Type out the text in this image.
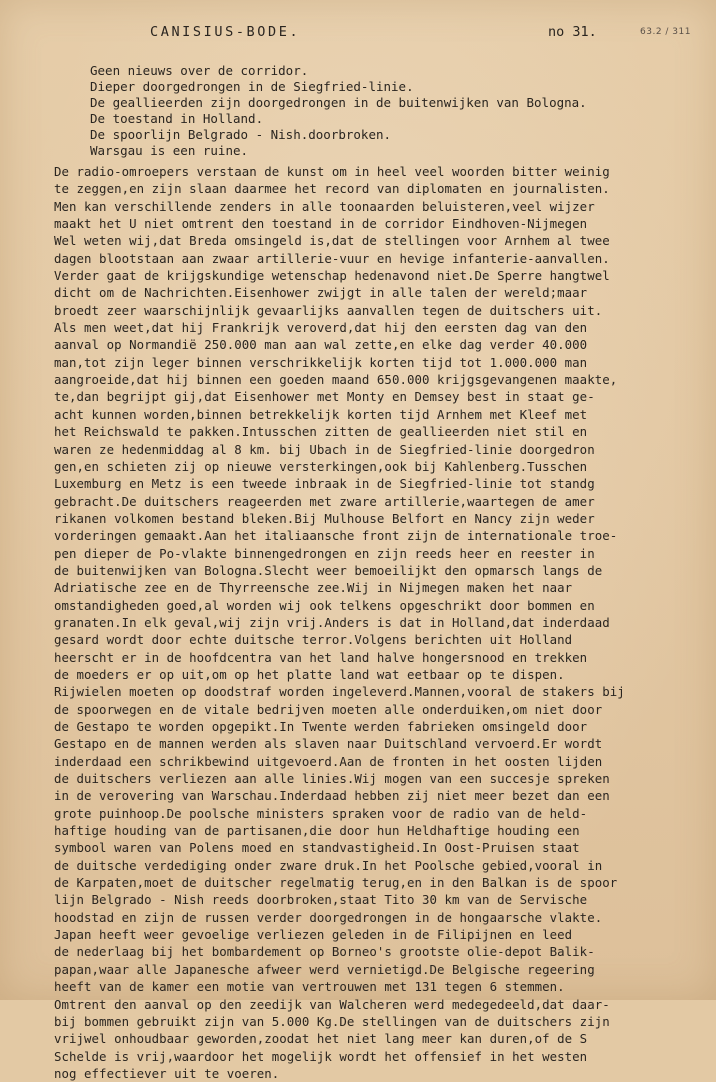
CANISIUS-BODE.	no 31.	63.2 / 311
Geen nieuws over de corridor.
Dieper doorgedrongen in de Siegfried-linie.
De geallieerden zijn doorgedrongen in de buitenwijken van Bologna.
De toestand in Holland.
De spoorlijn Belgrado - Nish.doorbroken.
Warsgau is een ruine.
De radio-omroepers verstaan de kunst om in heel veel woorden bitter weinig
te zeggen,en zijn slaan daarmee het record van diplomaten en journalisten.
Men kan verschillende zenders in alle toonaarden beluisteren,veel wijzer
maakt het U niet omtrent den toestand in de corridor Eindhoven-Nijmegen
Wel weten wij,dat Breda omsingeld is,dat de stellingen voor Arnhem al twee
dagen blootstaan aan zwaar artillerie-vuur en hevige infanterie-aanvallen.
Verder gaat de krijgskundige wetenschap hedenavond niet.De Sperre hangtwel
dicht om de Nachrichten.Eisenhower zwijgt in alle talen der wereld;maar
broedt zeer waarschijnlijk gevaarlijks aanvallen tegen de duitschers uit.
Als men weet,dat hij Frankrijk veroverd,dat hij den eersten dag van den
aanval op Normandië 250.000 man aan wal zette,en elke dag verder 40.000
man,tot zijn leger binnen verschrikkelijk korten tijd tot 1.000.000 man
aangroeide,dat hij binnen een goeden maand 650.000 krijgsgevangenen maakte,
te,dan begrijpt gij,dat Eisenhower met Monty en Demsey best in staat ge-
acht kunnen worden,binnen betrekkelijk korten tijd Arnhem met Kleef met
het Reichswald te pakken.Intusschen zitten de geallieerden niet stil en
waren ze hedenmiddag al 8 km. bij Ubach in de Siegfried-linie doorgedron
gen,en schieten zij op nieuwe versterkingen,ook bij Kahlenberg.Tusschen
Luxemburg en Metz is een tweede inbraak in de Siegfried-linie tot standg
gebracht.De duitschers reageerden met zware artillerie,waartegen de amer
rikanen volkomen bestand bleken.Bij Mulhouse Belfort en Nancy zijn weder
vorderingen gemaakt.Aan het italiaansche front zijn de internationale troe-
pen dieper de Po-vlakte binnengedrongen en zijn reeds heer en reester in
de buitenwijken van Bologna.Slecht weer bemoeilijkt den opmarsch langs de
Adriatische zee en de Thyrreensche zee.Wij in Nijmegen maken het naar
omstandigheden goed,al worden wij ook telkens opgeschrikt door bommen en
granaten.In elk geval,wij zijn vrij.Anders is dat in Holland,dat inderdaad
gesard wordt door echte duitsche terror.Volgens berichten uit Holland
heerscht er in de hoofdcentra van het land halve hongersnood en trekken
de moeders er op uit,om op het platte land wat eetbaar op te dispen.
Rijwielen moeten op doodstraf worden ingeleverd.Mannen,vooral de stakers bij
de spoorwegen en de vitale bedrijven moeten alle onderduiken,om niet door
de Gestapo te worden opgepikt.In Twente werden fabrieken omsingeld door
Gestapo en de mannen werden als slaven naar Duitschland vervoerd.Er wordt
inderdaad een schrikbewind uitgevoerd.Aan de fronten in het oosten lijden
de duitschers verliezen aan alle linies.Wij mogen van een succesje spreken
in de verovering van Warschau.Inderdaad hebben zij niet meer bezet dan een
grote puinhoop.De poolsche ministers spraken voor de radio van de held-
haftige houding van de partisanen,die door hun Heldhaftige houding een
symbool waren van Polens moed en standvastigheid.In Oost-Pruisen staat
de duitsche verdediging onder zware druk.In het Poolsche gebied,vooral in
de Karpaten,moet de duitscher regelmatig terug,en in den Balkan is de spoor
lijn Belgrado - Nish reeds doorbroken,staat Tito 30 km van de Servische
hoodstad en zijn de russen verder doorgedrongen in de hongaarsche vlakte.
Japan heeft weer gevoelige verliezen geleden in de Filipijnen en leed
de nederlaag bij het bombardement op Borneo's grootste olie-depot Balik-
papan,waar alle Japanesche afweer werd vernietigd.De Belgische regeering
heeft van de kamer een motie van vertrouwen met 131 tegen 6 stemmen.
Omtrent den aanval op den zeedijk van Walcheren werd medegedeeld,dat daar-
bij bommen gebruikt zijn van 5.000 Kg.De stellingen van de duitschers zijn
vrijwel onhoudbaar geworden,zoodat het niet lang meer kan duren,of de S
Schelde is vrij,waardoor het mogelijk wordt het offensief in het westen
nog effectiever uit te voeren.
